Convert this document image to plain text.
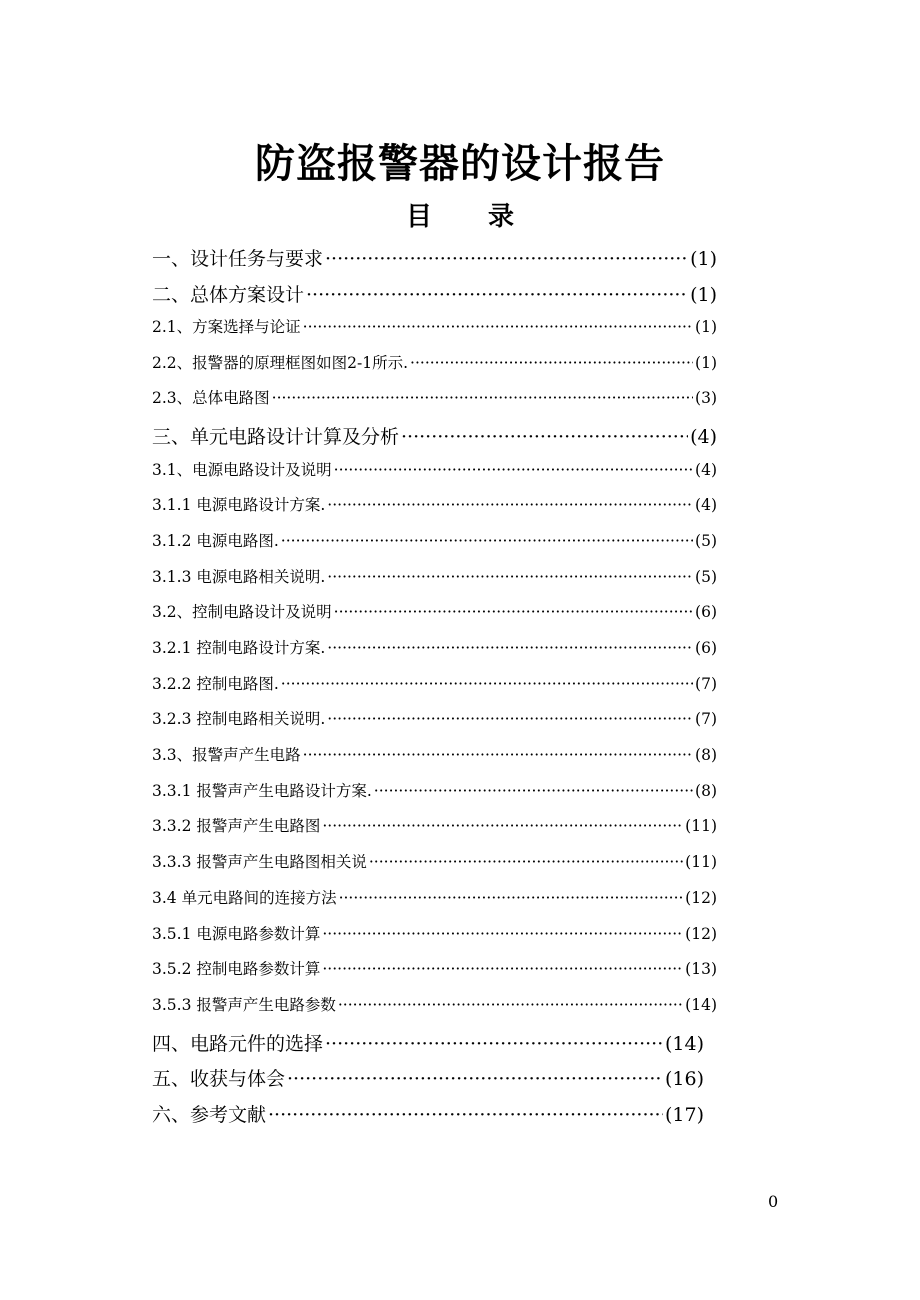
防盗报警器的设计报告
目 录
一、设计任务与要求 ·····	(1)
二、总体方案设计 ·····	(1)
2.1、方案选择与论证 ·····	(1)
2.2、报警器的原理框图如图2-1所示. ·····	(1)
2.3、总体电路图 ·····	(3)
三、单元电路设计计算及分析 ·····	(4)
3.1、电源电路设计及说明 ·····	(4)
3.1.1 电源电路设计方案. ·····	(4)
3.1.2 电源电路图. ·····	(5)
3.1.3 电源电路相关说明. ·····	(5)
3.2、控制电路设计及说明 ·····	(6)
3.2.1 控制电路设计方案. ·····	(6)
3.2.2 控制电路图. ·····	(7)
3.2.3 控制电路相关说明. ·····	(7)
3.3、报警声产生电路 ·····	(8)
3.3.1 报警声产生电路设计方案. ·····	(8)
3.3.2 报警声产生电路图 ·····	(11)
3.3.3 报警声产生电路图相关说 ·····	(11)
3.4 单元电路间的连接方法 ·····	(12)
3.5.1 电源电路参数计算 ·····	(12)
3.5.2 控制电路参数计算 ·····	(13)
3.5.3 报警声产生电路参数 ·····	(14)
四、电路元件的选择 ·····	(14)
五、收获与体会 ·····	(16)
六、参考文献 ·····	(17)
0
